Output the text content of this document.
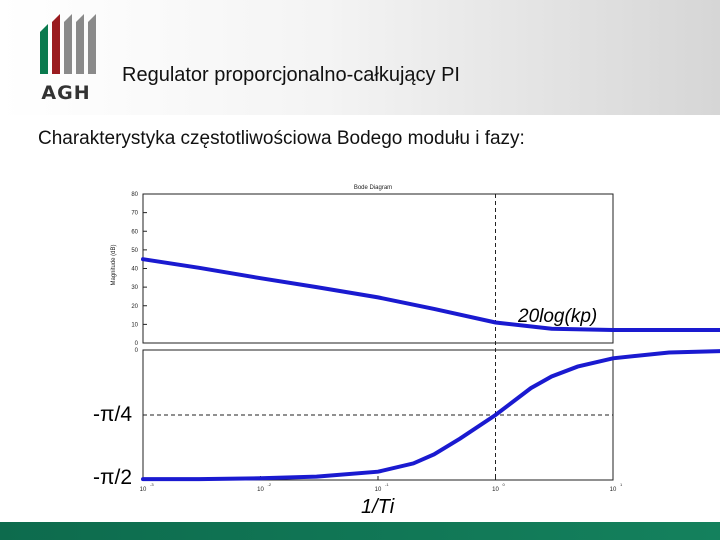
AGH
Regulator proporcjonalno-całkujący PI
Charakterystyka częstotliwościowa Bodego modułu i fazy:
Bode Diagram
Magnitude (dB)
80
70
60
50
40
30
20
10
0
10
-3
10
-2
10
-1
10
0
10
1
0
20log(kp)
-π/4
-π/2
1/Ti
